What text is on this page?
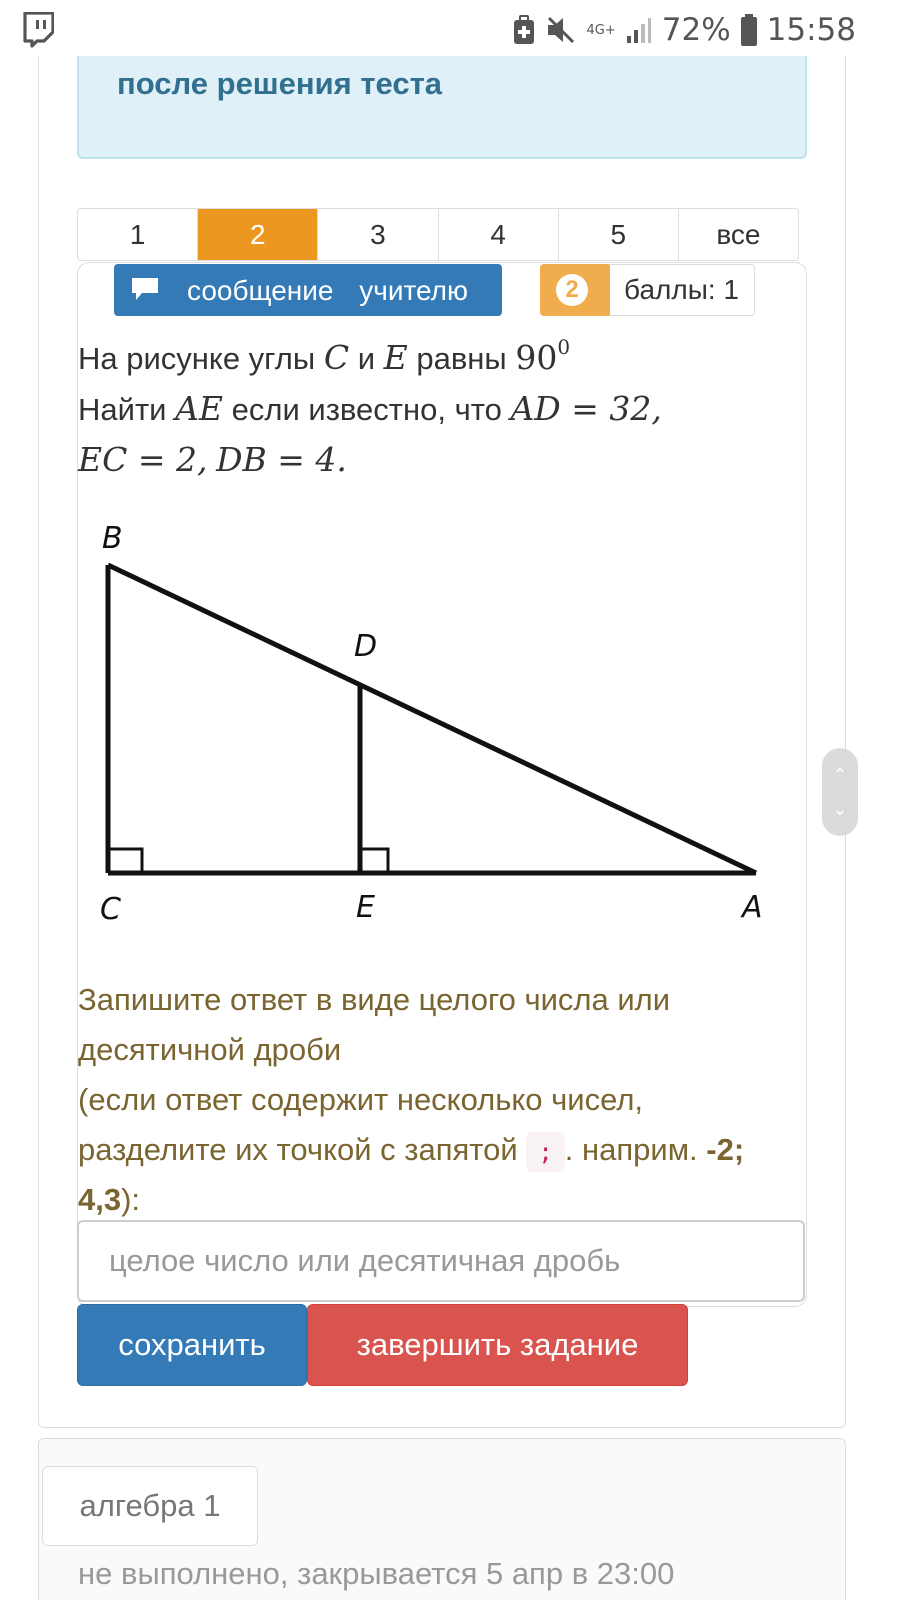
4G+ 72% 15:58
после решения теста
1	2	3	4	5	все
сообщение учителю	2	баллы: 1
На рисунке углы C и E равны $90^0$
Найти AE если известно, что AD = 32,
EC = 2, DB = 4.
B
D
C	E	A
Запишите ответ в виде целого числа или десятичной дроби
(если ответ содержит несколько чисел, разделите их точкой с запятой ; . наприм. -2; 4,3):
целое число или десятичная дробь
сохранить	завершить задание
алгебра 1
не выполнено, закрывается 5 апр в 23:00
⌃
⌄
